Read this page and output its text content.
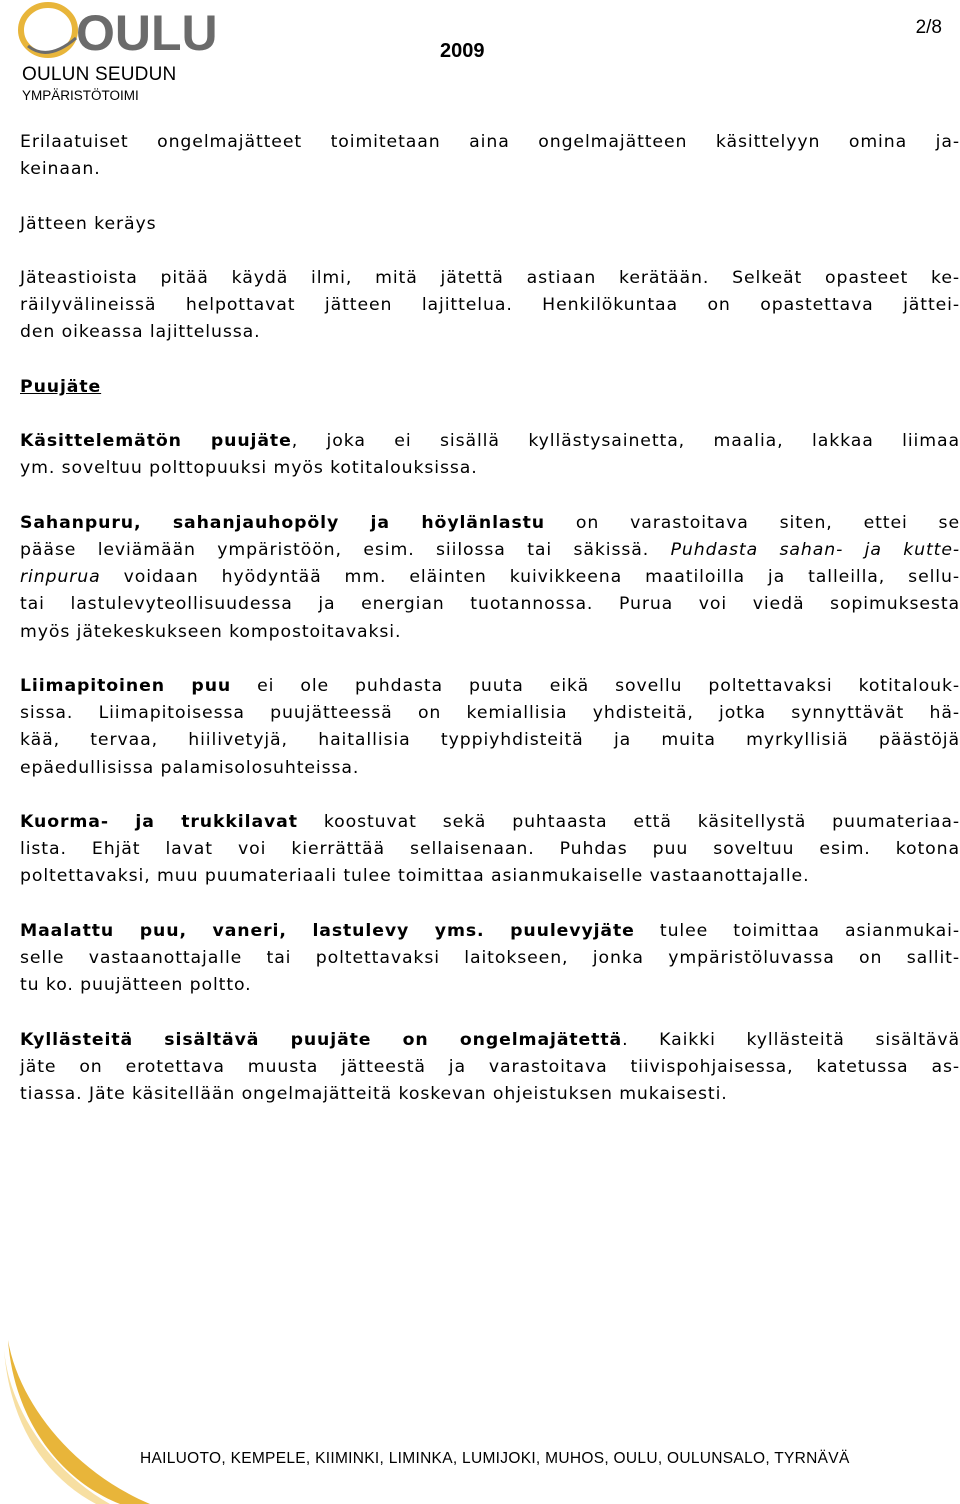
OULU
OULUN SEUDUN
YMPÄRISTÖTOIMI
2009
2/8
Erilaatuiset ongelmajätteet toimitetaan aina ongelmajätteen käsittelyyn omina ja-
keinaan.
Jätteen keräys
Jäteastioista pitää käydä ilmi, mitä jätettä astiaan kerätään. Selkeät opasteet ke-
räilyvälineissä helpottavat jätteen lajittelua. Henkilökuntaa on opastettava jättei-
den oikeassa lajittelussa.
Puujäte
Käsittelemätön puujäte, joka ei sisällä kyllästysainetta, maalia, lakkaa liimaa
ym. soveltuu polttopuuksi myös kotitalouksissa.
Sahanpuru, sahanjauhopöly ja höylänlastu on varastoitava siten, ettei se
pääse leviämään ympäristöön, esim. siilossa tai säkissä. Puhdasta sahan- ja kutte-
rinpurua voidaan hyödyntää mm. eläinten kuivikkeena maatiloilla ja talleilla, sellu-
tai lastulevyteollisuudessa ja energian tuotannossa. Purua voi viedä sopimuksesta
myös jätekeskukseen kompostoitavaksi.
Liimapitoinen puu ei ole puhdasta puuta eikä sovellu poltettavaksi kotitalouk-
sissa. Liimapitoisessa puujätteessä on kemiallisia yhdisteitä, jotka synnyttävät hä-
kää, tervaa, hiilivetyjä, haitallisia typpiyhdisteitä ja muita myrkyllisiä päästöjä
epäedullisissa palamisolosuhteissa.
Kuorma- ja trukkilavat koostuvat sekä puhtaasta että käsitellystä puumateriaa-
lista. Ehjät lavat voi kierrättää sellaisenaan. Puhdas puu soveltuu esim. kotona
poltettavaksi, muu puumateriaali tulee toimittaa asianmukaiselle vastaanottajalle.
Maalattu puu, vaneri, lastulevy yms. puulevyjäte tulee toimittaa asianmukai-
selle vastaanottajalle tai poltettavaksi laitokseen, jonka ympäristöluvassa on sallit-
tu ko. puujätteen poltto.
Kyllästeitä sisältävä puujäte on ongelmajätettä. Kaikki kyllästeitä sisältävä
jäte on erotettava muusta jätteestä ja varastoitava tiivispohjaisessa, katetussa as-
tiassa. Jäte käsitellään ongelmajätteitä koskevan ohjeistuksen mukaisesti.
HAILUOTO, KEMPELE, KIIMINKI, LIMINKA, LUMIJOKI, MUHOS, OULU, OULUNSALO, TYRNÄVÄ
